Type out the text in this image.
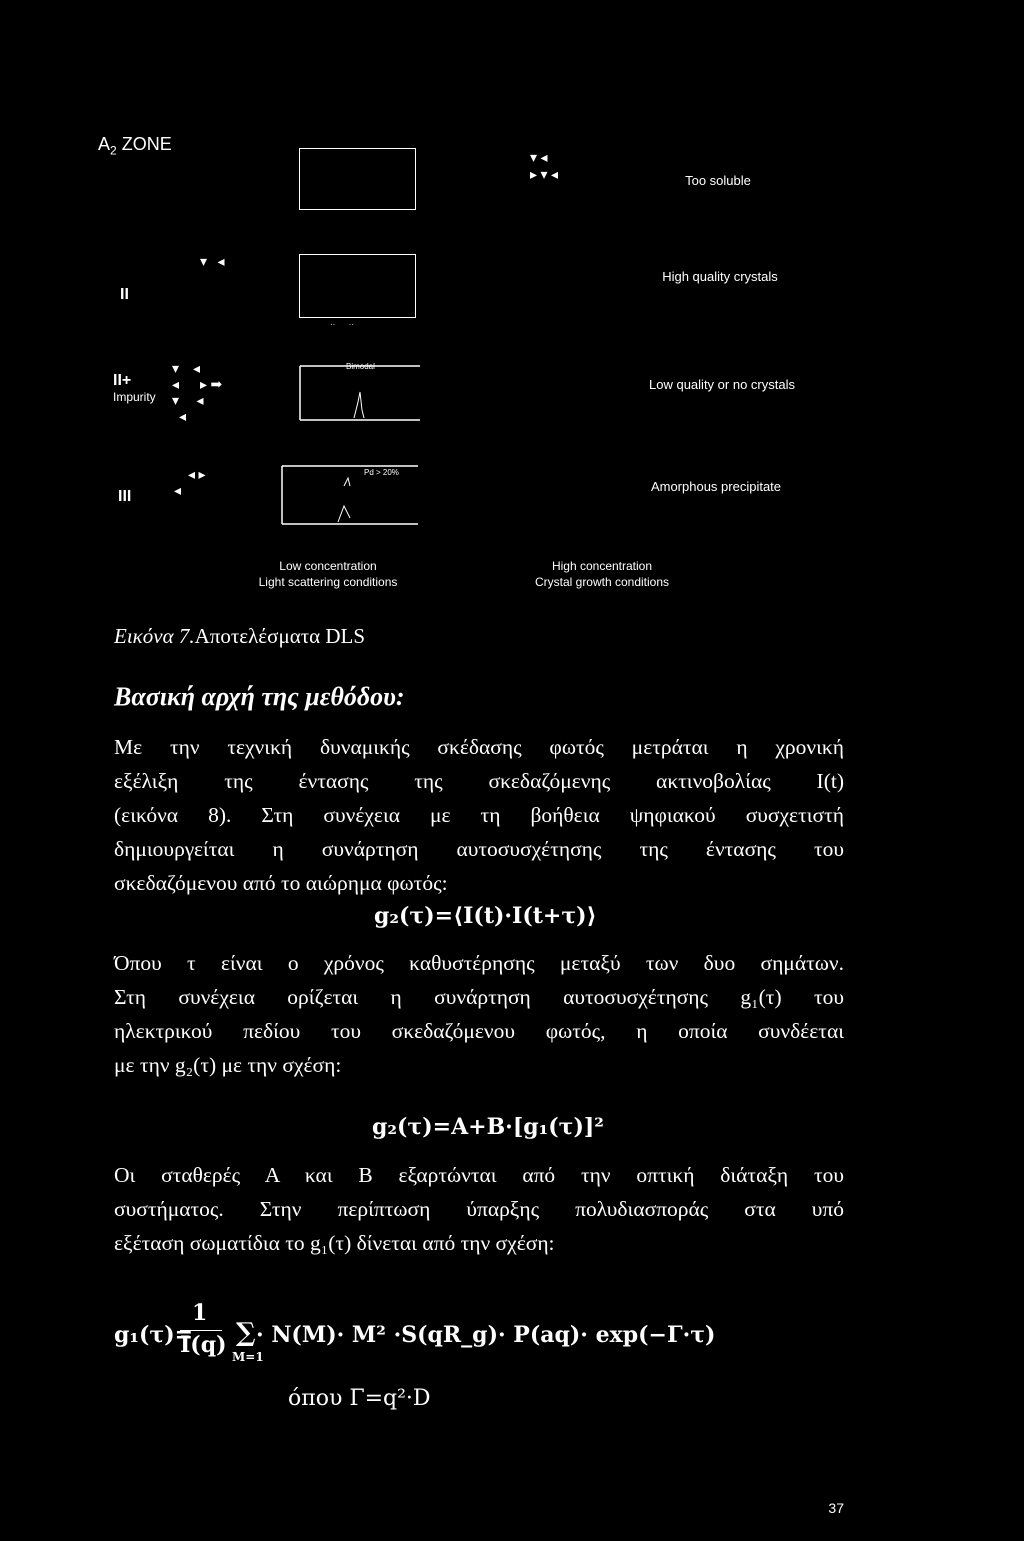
$A_2$ ZONE
▾ ◂
▸ ▾ ◂	Too soluble
II
▾   ◂
··      ··
High quality crystals
II+
Impurity
▾    ◂
◂      ▸ ➡
▾     ◂
◂
Bimodal
Low quality or no crystals
III
◂ ▸
◂
Pd > 20%
Amorphous precipitate
Low concentration
Light scattering conditions
High concentration
Crystal growth conditions
Εικόνα 7.Αποτελέσματα DLS
Βασική αρχή της μεθόδου:
Με την τεχνική δυναμικής σκέδασης φωτός μετράται η χρονική
εξέλιξη της έντασης της σκεδαζόμενης ακτινοβολίας Ι(t)
(εικόνα 8). Στη συνέχεια με τη βοήθεια ψηφιακού συσχετιστή
δημιουργείται η συνάρτηση αυτοσυσχέτησης της έντασης του
σκεδαζόμενου από το αιώρημα φωτός:
g₂(τ)=⟨I(t)·I(t+τ)⟩
Όπου τ είναι ο χρόνος καθυστέρησης μεταξύ των δυο σημάτων.
Στη συνέχεια ορίζεται η συνάρτηση αυτοσυσχέτησης g₁(τ) του
ηλεκτρικού πεδίου του σκεδαζόμενου φωτός, η οποία συνδέεται
με την g₂(τ) με την σχέση:
g₂(τ)=A+B·[g₁(τ)]²
Οι σταθερές Α και Β εξαρτώνται από την οπτική διάταξη του
συστήματος. Στην περίπτωση ύπαρξης πολυδιασποράς στα υπό
εξέταση σωματίδια το g₁(τ) δίνεται από την σχέση:
g₁(τ)=
1
I(q) ∑
M=1
· N(M)· M² ·S(qR_g)· P(aq)· exp(−Γ·τ)
όπου Γ=q²·D
37
